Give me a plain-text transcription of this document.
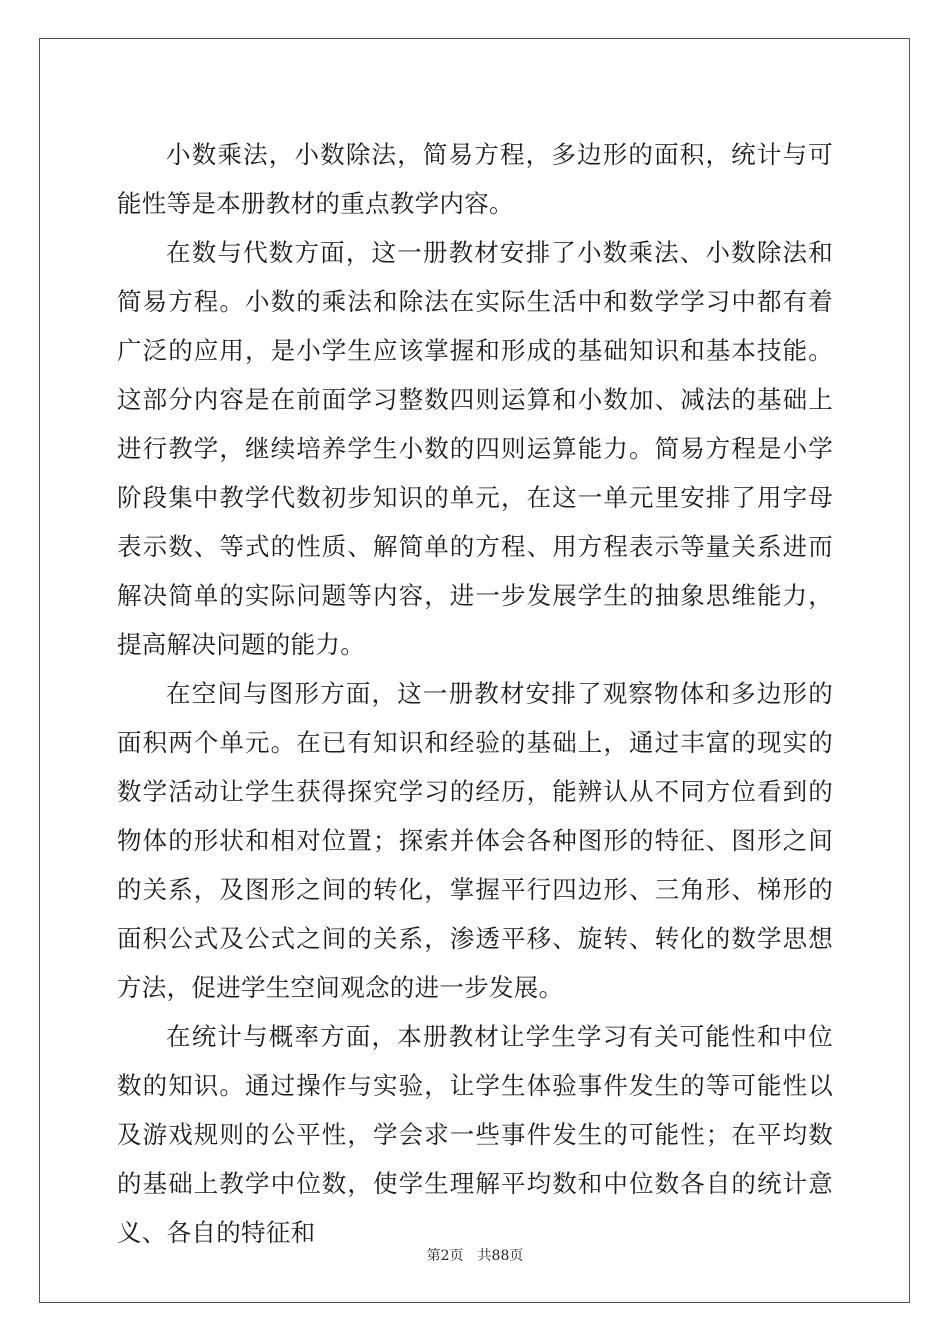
小数乘法，小数除法，简易方程，多边形的面积，统计与可能性等是本册教材的重点教学内容。

在数与代数方面，这一册教材安排了小数乘法、小数除法和简易方程。小数的乘法和除法在实际生活中和数学学习中都有着广泛的应用，是小学生应该掌握和形成的基础知识和基本技能。这部分内容是在前面学习整数四则运算和小数加、减法的基础上进行教学，继续培养学生小数的四则运算能力。简易方程是小学阶段集中教学代数初步知识的单元，在这一单元里安排了用字母表示数、等式的性质、解简单的方程、用方程表示等量关系进而解决简单的实际问题等内容，进一步发展学生的抽象思维能力，提高解决问题的能力。

在空间与图形方面，这一册教材安排了观察物体和多边形的面积两个单元。在已有知识和经验的基础上，通过丰富的现实的数学活动让学生获得探究学习的经历，能辨认从不同方位看到的物体的形状和相对位置；探索并体会各种图形的特征、图形之间的关系，及图形之间的转化，掌握平行四边形、三角形、梯形的面积公式及公式之间的关系，渗透平移、旋转、转化的数学思想方法，促进学生空间观念的进一步发展。

在统计与概率方面，本册教材让学生学习有关可能性和中位数的知识。通过操作与实验，让学生体验事件发生的等可能性以及游戏规则的公平性，学会求一些事件发生的可能性；在平均数的基础上教学中位数，使学生理解平均数和中位数各自的统计意义、各自的特征和

第2页 共88页
